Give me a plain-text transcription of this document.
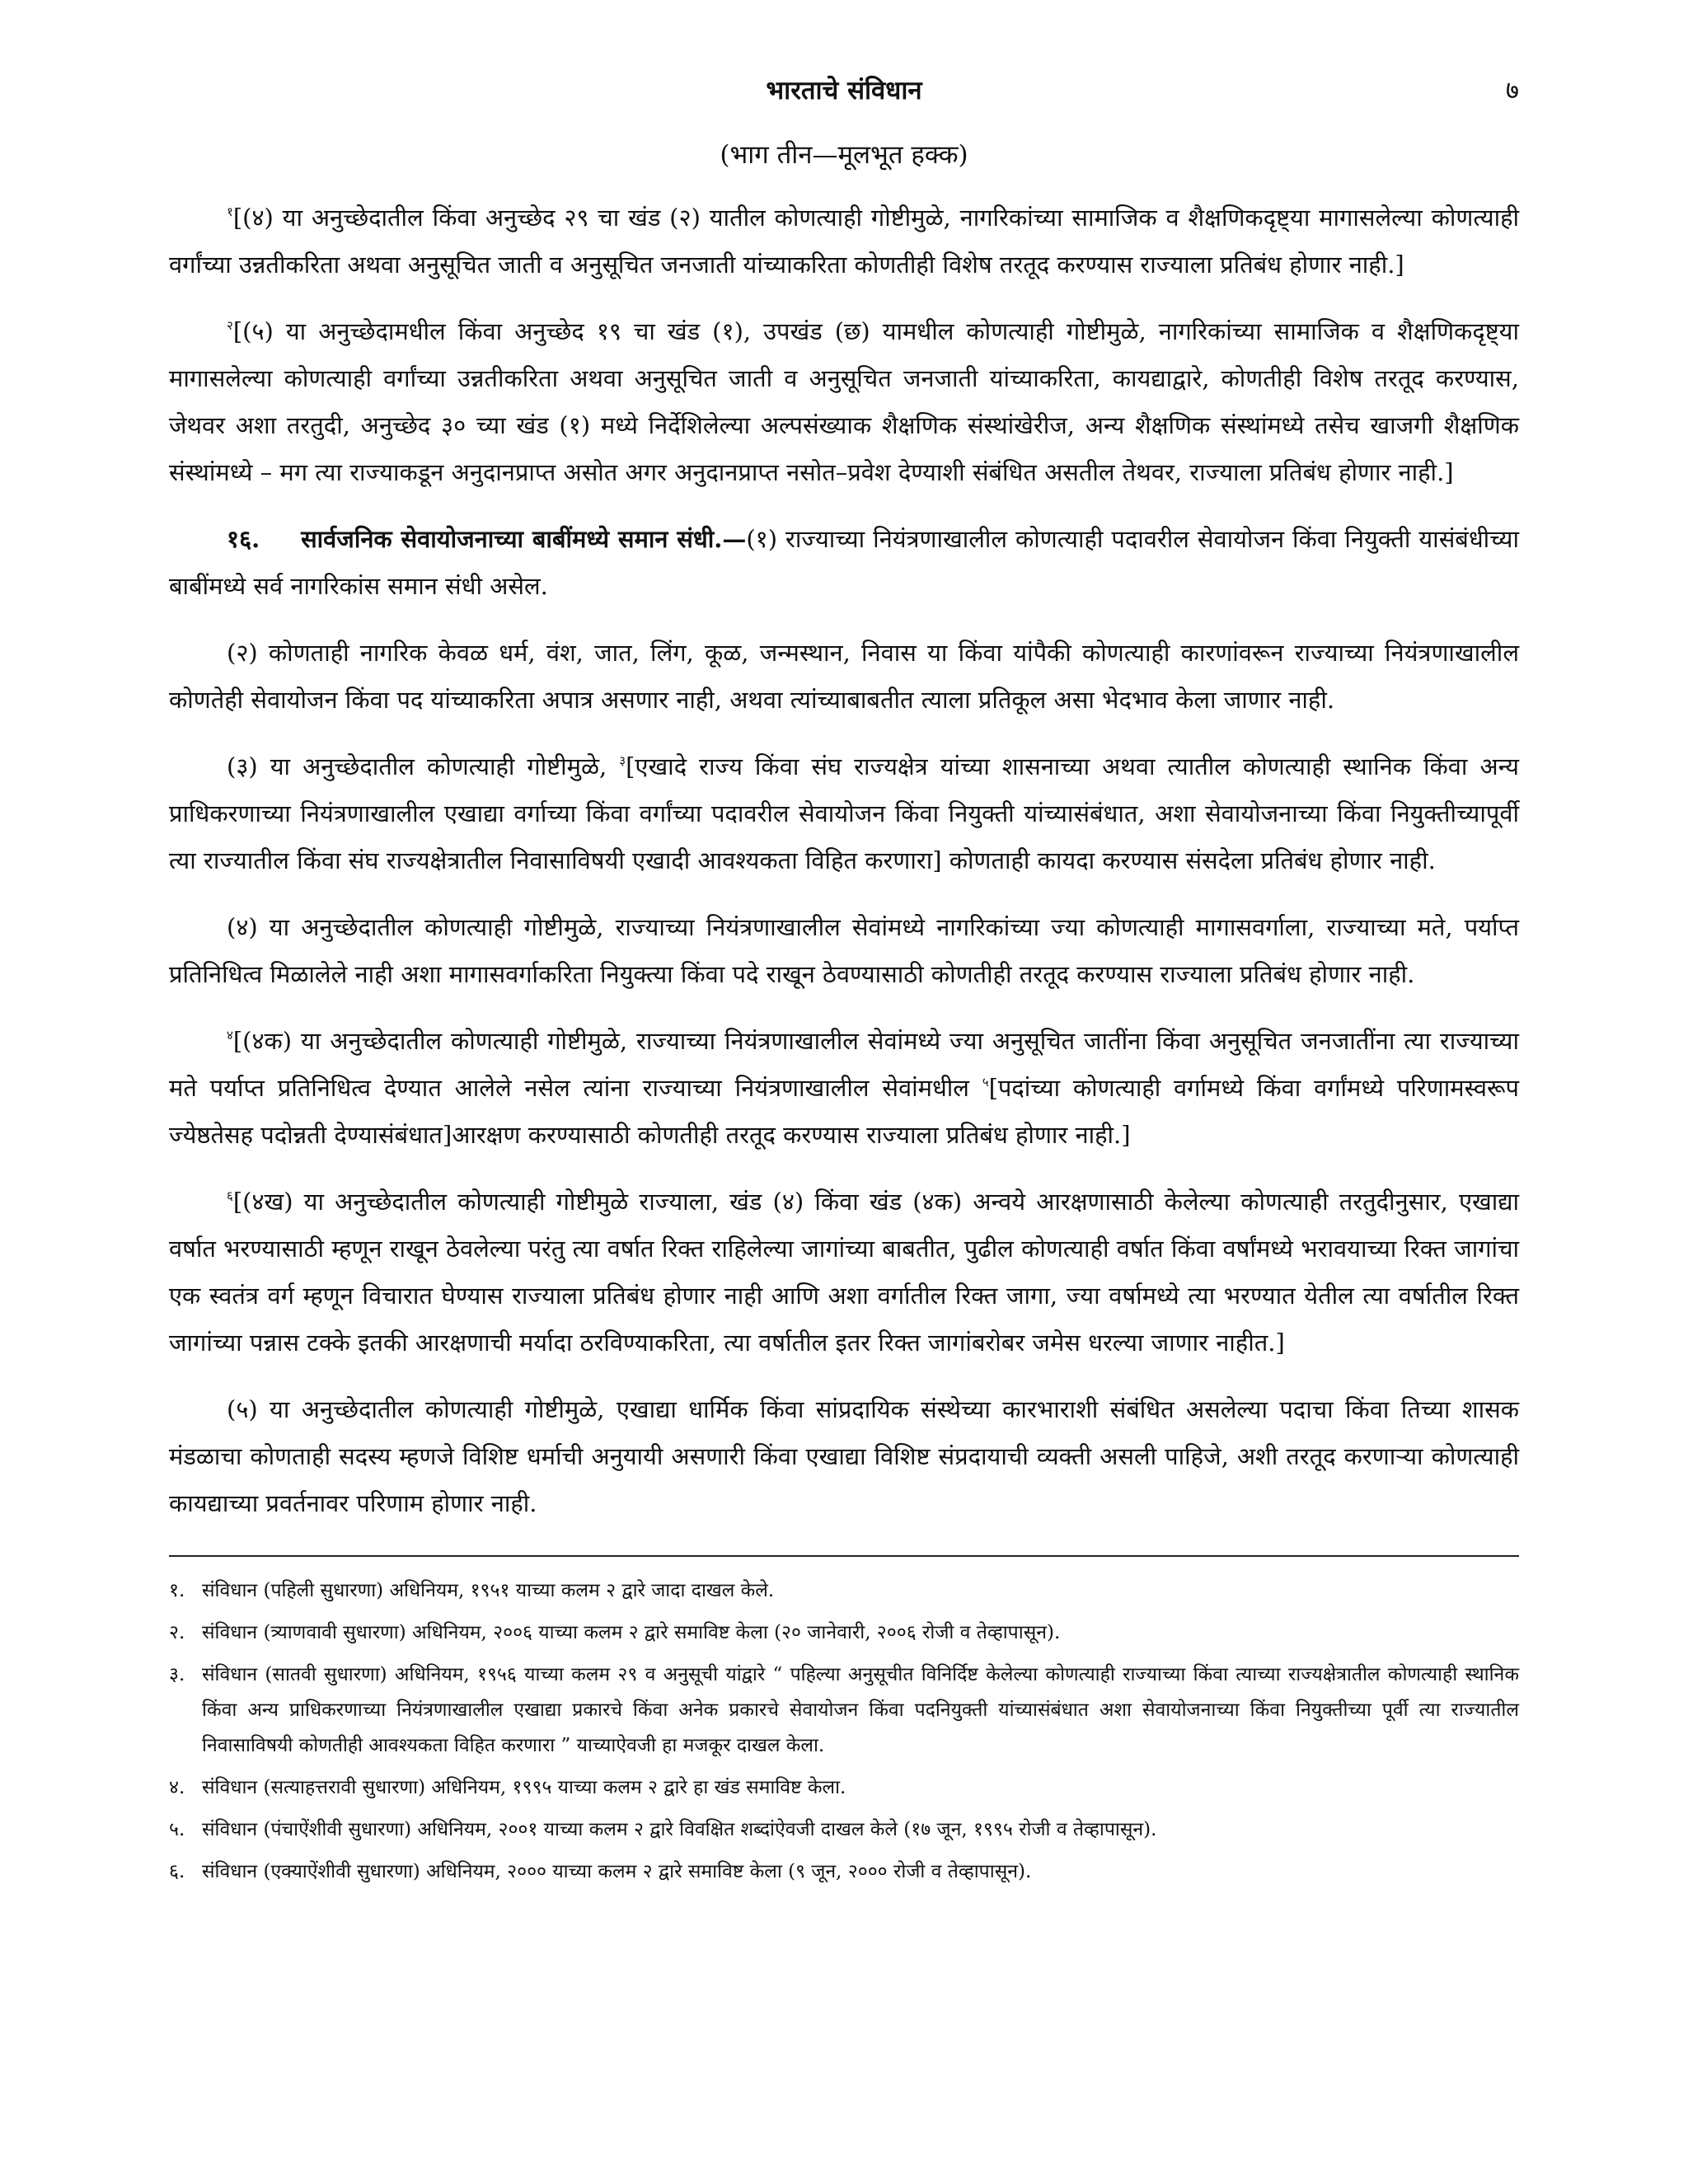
भारताचे संविधान	७
(भाग तीन—मूलभूत हक्क)

$^१$[(४) या अनुच्छेदातील किंवा अनुच्छेद २९ चा खंड (२) यातील कोणत्याही गोष्टीमुळे, नागरिकांच्या सामाजिक व शैक्षणिकदृष्ट्या मागासलेल्या कोणत्याही वर्गांच्या उन्नतीकरिता अथवा अनुसूचित जाती व अनुसूचित जनजाती यांच्याकरिता कोणतीही विशेष तरतूद करण्यास राज्याला प्रतिबंध होणार नाही.]

$^२$[(५) या अनुच्छेदामधील किंवा अनुच्छेद १९ चा खंड (१), उपखंड (छ) यामधील कोणत्याही गोष्टीमुळे, नागरिकांच्या सामाजिक व शैक्षणिकदृष्ट्या मागासलेल्या कोणत्याही वर्गांच्या उन्नतीकरिता अथवा अनुसूचित जाती व अनुसूचित जनजाती यांच्याकरिता, कायद्याद्वारे, कोणतीही विशेष तरतूद करण्यास, जेथवर अशा तरतुदी, अनुच्छेद ३० च्या खंड (१) मध्ये निर्देशिलेल्या अल्पसंख्याक शैक्षणिक संस्थांखेरीज, अन्य शैक्षणिक संस्थांमध्ये तसेच खाजगी शैक्षणिक संस्थांमध्ये – मग त्या राज्याकडून अनुदानप्राप्त असोत अगर अनुदानप्राप्त नसोत–प्रवेश देण्याशी संबंधित असतील तेथवर, राज्याला प्रतिबंध होणार नाही.]

१६. सार्वजनिक सेवायोजनाच्या बाबींमध्ये समान संधी.—(१) राज्याच्या नियंत्रणाखालील कोणत्याही पदावरील सेवायोजन किंवा नियुक्ती यासंबंधीच्या बाबींमध्ये सर्व नागरिकांस समान संधी असेल.

(२) कोणताही नागरिक केवळ धर्म, वंश, जात, लिंग, कूळ, जन्मस्थान, निवास या किंवा यांपैकी कोणत्याही कारणांवरून राज्याच्या नियंत्रणाखालील कोणतेही सेवायोजन किंवा पद यांच्याकरिता अपात्र असणार नाही, अथवा त्यांच्याबाबतीत त्याला प्रतिकूल असा भेदभाव केला जाणार नाही.

(३) या अनुच्छेदातील कोणत्याही गोष्टीमुळे, $^३$[एखादे राज्य किंवा संघ राज्यक्षेत्र यांच्या शासनाच्या अथवा त्यातील कोणत्याही स्थानिक किंवा अन्य प्राधिकरणाच्या नियंत्रणाखालील एखाद्या वर्गाच्या किंवा वर्गांच्या पदावरील सेवायोजन किंवा नियुक्ती यांच्यासंबंधात, अशा सेवायोजनाच्या किंवा नियुक्तीच्यापूर्वी त्या राज्यातील किंवा संघ राज्यक्षेत्रातील निवासाविषयी एखादी आवश्यकता विहित करणारा] कोणताही कायदा करण्यास संसदेला प्रतिबंध होणार नाही.

(४) या अनुच्छेदातील कोणत्याही गोष्टीमुळे, राज्याच्या नियंत्रणाखालील सेवांमध्ये नागरिकांच्या ज्या कोणत्याही मागासवर्गाला, राज्याच्या मते, पर्याप्त प्रतिनिधित्व मिळालेले नाही अशा मागासवर्गाकरिता नियुक्त्या किंवा पदे राखून ठेवण्यासाठी कोणतीही तरतूद करण्यास राज्याला प्रतिबंध होणार नाही.

$^४$[(४क) या अनुच्छेदातील कोणत्याही गोष्टीमुळे, राज्याच्या नियंत्रणाखालील सेवांमध्ये ज्या अनुसूचित जातींना किंवा अनुसूचित जनजातींना त्या राज्याच्या मते पर्याप्त प्रतिनिधित्व देण्यात आलेले नसेल त्यांना राज्याच्या नियंत्रणाखालील सेवांमधील $^५$[पदांच्या कोणत्याही वर्गामध्ये किंवा वर्गांमध्ये परिणामस्वरूप ज्येष्ठतेसह पदोन्नती देण्यासंबंधात]आरक्षण करण्यासाठी कोणतीही तरतूद करण्यास राज्याला प्रतिबंध होणार नाही.]

$^६$[(४ख) या अनुच्छेदातील कोणत्याही गोष्टीमुळे राज्याला, खंड (४) किंवा खंड (४क) अन्वये आरक्षणासाठी केलेल्या कोणत्याही तरतुदीनुसार, एखाद्या वर्षात भरण्यासाठी म्हणून राखून ठेवलेल्या परंतु त्या वर्षात रिक्त राहिलेल्या जागांच्या बाबतीत, पुढील कोणत्याही वर्षात किंवा वर्षांमध्ये भरावयाच्या रिक्त जागांचा एक स्वतंत्र वर्ग म्हणून विचारात घेण्यास राज्याला प्रतिबंध होणार नाही आणि अशा वर्गातील रिक्त जागा, ज्या वर्षामध्ये त्या भरण्यात येतील त्या वर्षातील रिक्त जागांच्या पन्नास टक्के इतकी आरक्षणाची मर्यादा ठरविण्याकरिता, त्या वर्षातील इतर रिक्त जागांबरोबर जमेस धरल्या जाणार नाहीत.]

(५) या अनुच्छेदातील कोणत्याही गोष्टीमुळे, एखाद्या धार्मिक किंवा सांप्रदायिक संस्थेच्या कारभाराशी संबंधित असलेल्या पदाचा किंवा तिच्या शासक मंडळाचा कोणताही सदस्य म्हणजे विशिष्ट धर्माची अनुयायी असणारी किंवा एखाद्या विशिष्ट संप्रदायाची व्यक्ती असली पाहिजे, अशी तरतूद करणाऱ्या कोणत्याही कायद्याच्या प्रवर्तनावर परिणाम होणार नाही.

१. संविधान (पहिली सुधारणा) अधिनियम, १९५१ याच्या कलम २ द्वारे जादा दाखल केले.
२. संविधान (त्र्याणवावी सुधारणा) अधिनियम, २००६ याच्या कलम २ द्वारे समाविष्ट केला (२० जानेवारी, २००६ रोजी व तेव्हापासून).
३. संविधान (सातवी सुधारणा) अधिनियम, १९५६ याच्या कलम २९ व अनुसूची यांद्वारे “ पहिल्या अनुसूचीत विनिर्दिष्ट केलेल्या कोणत्याही राज्याच्या किंवा त्याच्या राज्यक्षेत्रातील कोणत्याही स्थानिक किंवा अन्य प्राधिकरणाच्या नियंत्रणाखालील एखाद्या प्रकारचे किंवा अनेक प्रकारचे सेवायोजन किंवा पदनियुक्ती यांच्यासंबंधात अशा सेवायोजनाच्या किंवा नियुक्तीच्या पूर्वी त्या राज्यातील निवासाविषयी कोणतीही आवश्यकता विहित करणारा ” याच्याऐवजी हा मजकूर दाखल केला.
४. संविधान (सत्याहत्तरावी सुधारणा) अधिनियम, १९९५ याच्या कलम २ द्वारे हा खंड समाविष्ट केला.
५. संविधान (पंचाऐंशीवी सुधारणा) अधिनियम, २००१ याच्या कलम २ द्वारे विवक्षित शब्दांऐवजी दाखल केले (१७ जून, १९९५ रोजी व तेव्हापासून).
६. संविधान (एक्याऐंशीवी सुधारणा) अधिनियम, २००० याच्या कलम २ द्वारे समाविष्ट केला (९ जून, २००० रोजी व तेव्हापासून).
